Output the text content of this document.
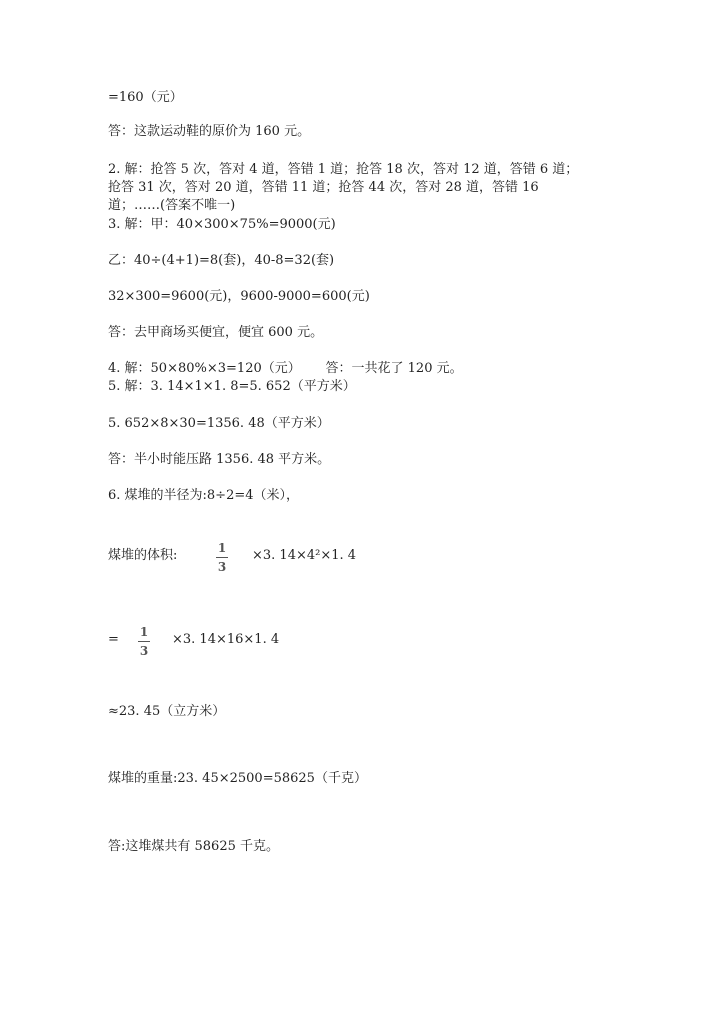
=160（元）
答：这款运动鞋的原价为 160 元。
2. 解：抢答 5 次，答对 4 道，答错 1 道；抢答 18 次，答对 12 道，答错 6 道；
抢答 31 次，答对 20 道，答错 11 道；抢答 44 次，答对 28 道，答错 16
道；……(答案不唯一)
3. 解：甲：40×300×75%=9000(元)
乙：40÷(4+1)=8(套)，40-8=32(套)
32×300=9600(元)，9600-9000=600(元)
答：去甲商场买便宜，便宜 600 元。
4. 解：50×80%×3=120（元）      答：一共花了 120 元。
5. 解：3. 14×1×1. 8=5. 652（平方米）
5. 652×8×30=1356. 48（平方米）
答：半小时能压路 1356. 48 平方米。
6. 煤堆的半径为:8÷2=4（米），
煤堆的体积:	1
3
×3. 14×4²×1. 4
= 1
3
×3. 14×16×1. 4
≈23. 45（立方米）
煤堆的重量:23. 45×2500=58625（千克）
答:这堆煤共有 58625 千克。
